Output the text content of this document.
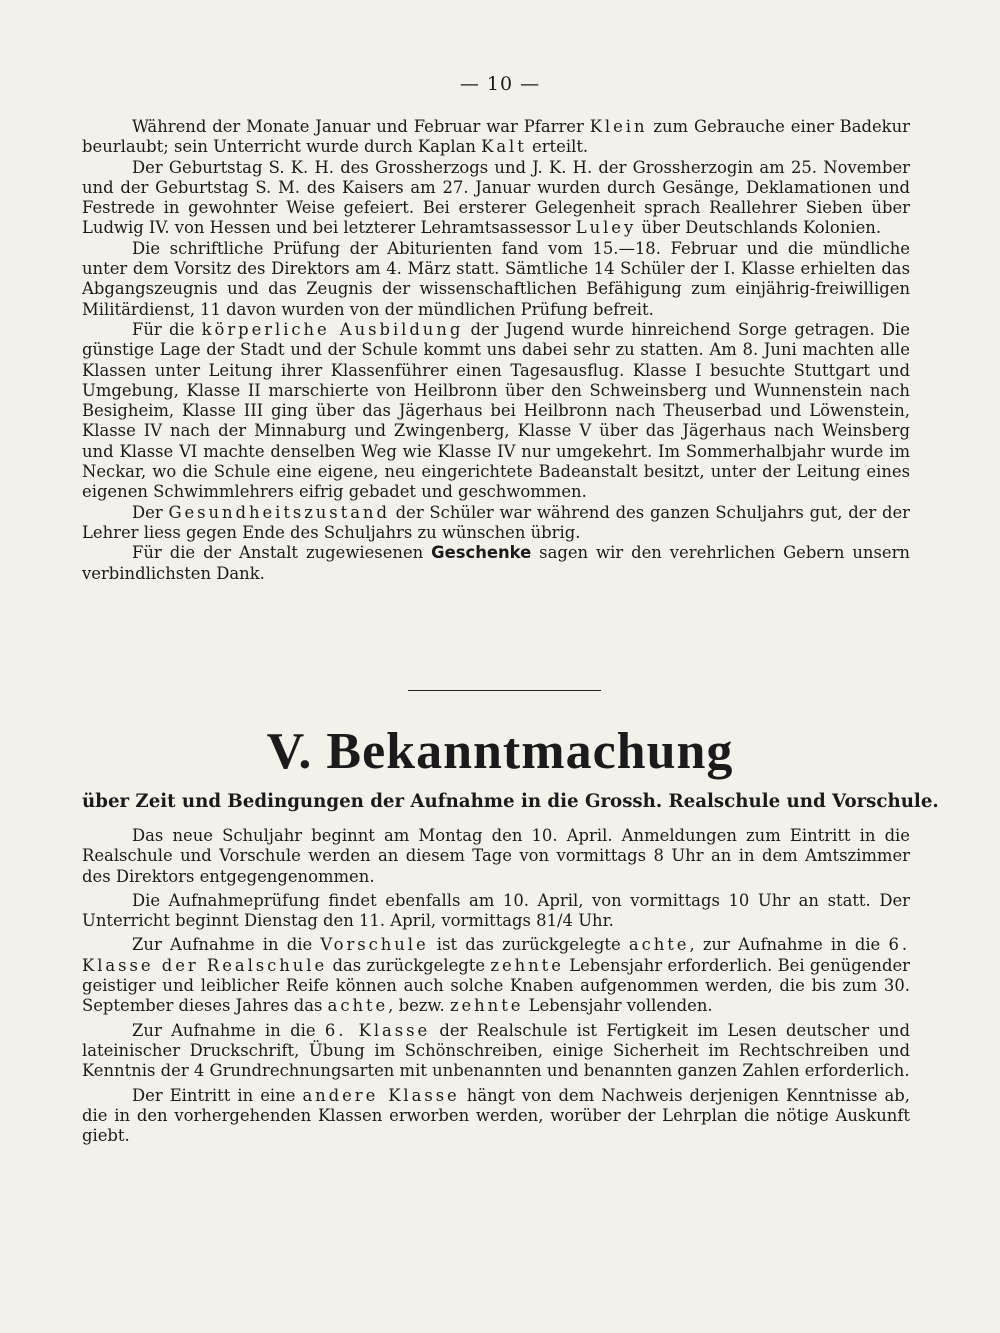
— 10 —

Während der Monate Januar und Februar war Pfarrer Klein zum Gebrauche einer Badekur beurlaubt; sein Unterricht wurde durch Kaplan Kalt erteilt.

Der Geburtstag S. K. H. des Grossherzogs und J. K. H. der Grossherzogin am 25. November und der Geburtstag S. M. des Kaisers am 27. Januar wurden durch Gesänge, Deklamationen und Festrede in gewohnter Weise gefeiert. Bei ersterer Gelegenheit sprach Reallehrer Sieben über Ludwig IV. von Hessen und bei letzterer Lehramtsassessor Luley über Deutschlands Kolonien.

Die schriftliche Prüfung der Abiturienten fand vom 15.—18. Februar und die mündliche unter dem Vorsitz des Direktors am 4. März statt. Sämtliche 14 Schüler der I. Klasse erhielten das Abgangszeugnis und das Zeugnis der wissenschaftlichen Befähigung zum einjährig-freiwilligen Militärdienst, 11 davon wurden von der mündlichen Prüfung befreit.

Für die körperliche Ausbildung der Jugend wurde hinreichend Sorge getragen. Die günstige Lage der Stadt und der Schule kommt uns dabei sehr zu statten. Am 8. Juni machten alle Klassen unter Leitung ihrer Klassenführer einen Tagesausflug. Klasse I besuchte Stuttgart und Umgebung, Klasse II marschierte von Heilbronn über den Schweinsberg und Wunnenstein nach Besigheim, Klasse III ging über das Jägerhaus bei Heilbronn nach Theuserbad und Löwenstein, Klasse IV nach der Minnaburg und Zwingenberg, Klasse V über das Jägerhaus nach Weinsberg und Klasse VI machte denselben Weg wie Klasse IV nur umgekehrt. Im Sommerhalbjahr wurde im Neckar, wo die Schule eine eigene, neu eingerichtete Badeanstalt besitzt, unter der Leitung eines eigenen Schwimmlehrers eifrig gebadet und geschwommen.

Der Gesundheitszustand der Schüler war während des ganzen Schuljahrs gut, der der Lehrer liess gegen Ende des Schuljahrs zu wünschen übrig.

Für die der Anstalt zugewiesenen Geschenke sagen wir den verehrlichen Gebern unsern verbindlichsten Dank.

V. Bekanntmachung
über Zeit und Bedingungen der Aufnahme in die Grossh. Realschule und Vorschule.

Das neue Schuljahr beginnt am Montag den 10. April. Anmeldungen zum Eintritt in die Realschule und Vorschule werden an diesem Tage von vormittags 8 Uhr an in dem Amtszimmer des Direktors entgegengenommen.

Die Aufnahmeprüfung findet ebenfalls am 10. April, von vormittags 10 Uhr an statt. Der Unterricht beginnt Dienstag den 11. April, vormittags 81/4 Uhr.

Zur Aufnahme in die Vorschule ist das zurückgelegte achte, zur Aufnahme in die 6. Klasse der Realschule das zurückgelegte zehnte Lebensjahr erforderlich. Bei genügender geistiger und leiblicher Reife können auch solche Knaben aufgenommen werden, die bis zum 30. September dieses Jahres das achte, bezw. zehnte Lebensjahr vollenden.

Zur Aufnahme in die 6. Klasse der Realschule ist Fertigkeit im Lesen deutscher und lateinischer Druckschrift, Übung im Schönschreiben, einige Sicherheit im Rechtschreiben und Kenntnis der 4 Grundrechnungsarten mit unbenannten und benannten ganzen Zahlen erforderlich.

Der Eintritt in eine andere Klasse hängt von dem Nachweis derjenigen Kenntnisse ab, die in den vorhergehenden Klassen erworben werden, worüber der Lehrplan die nötige Auskunft giebt.
